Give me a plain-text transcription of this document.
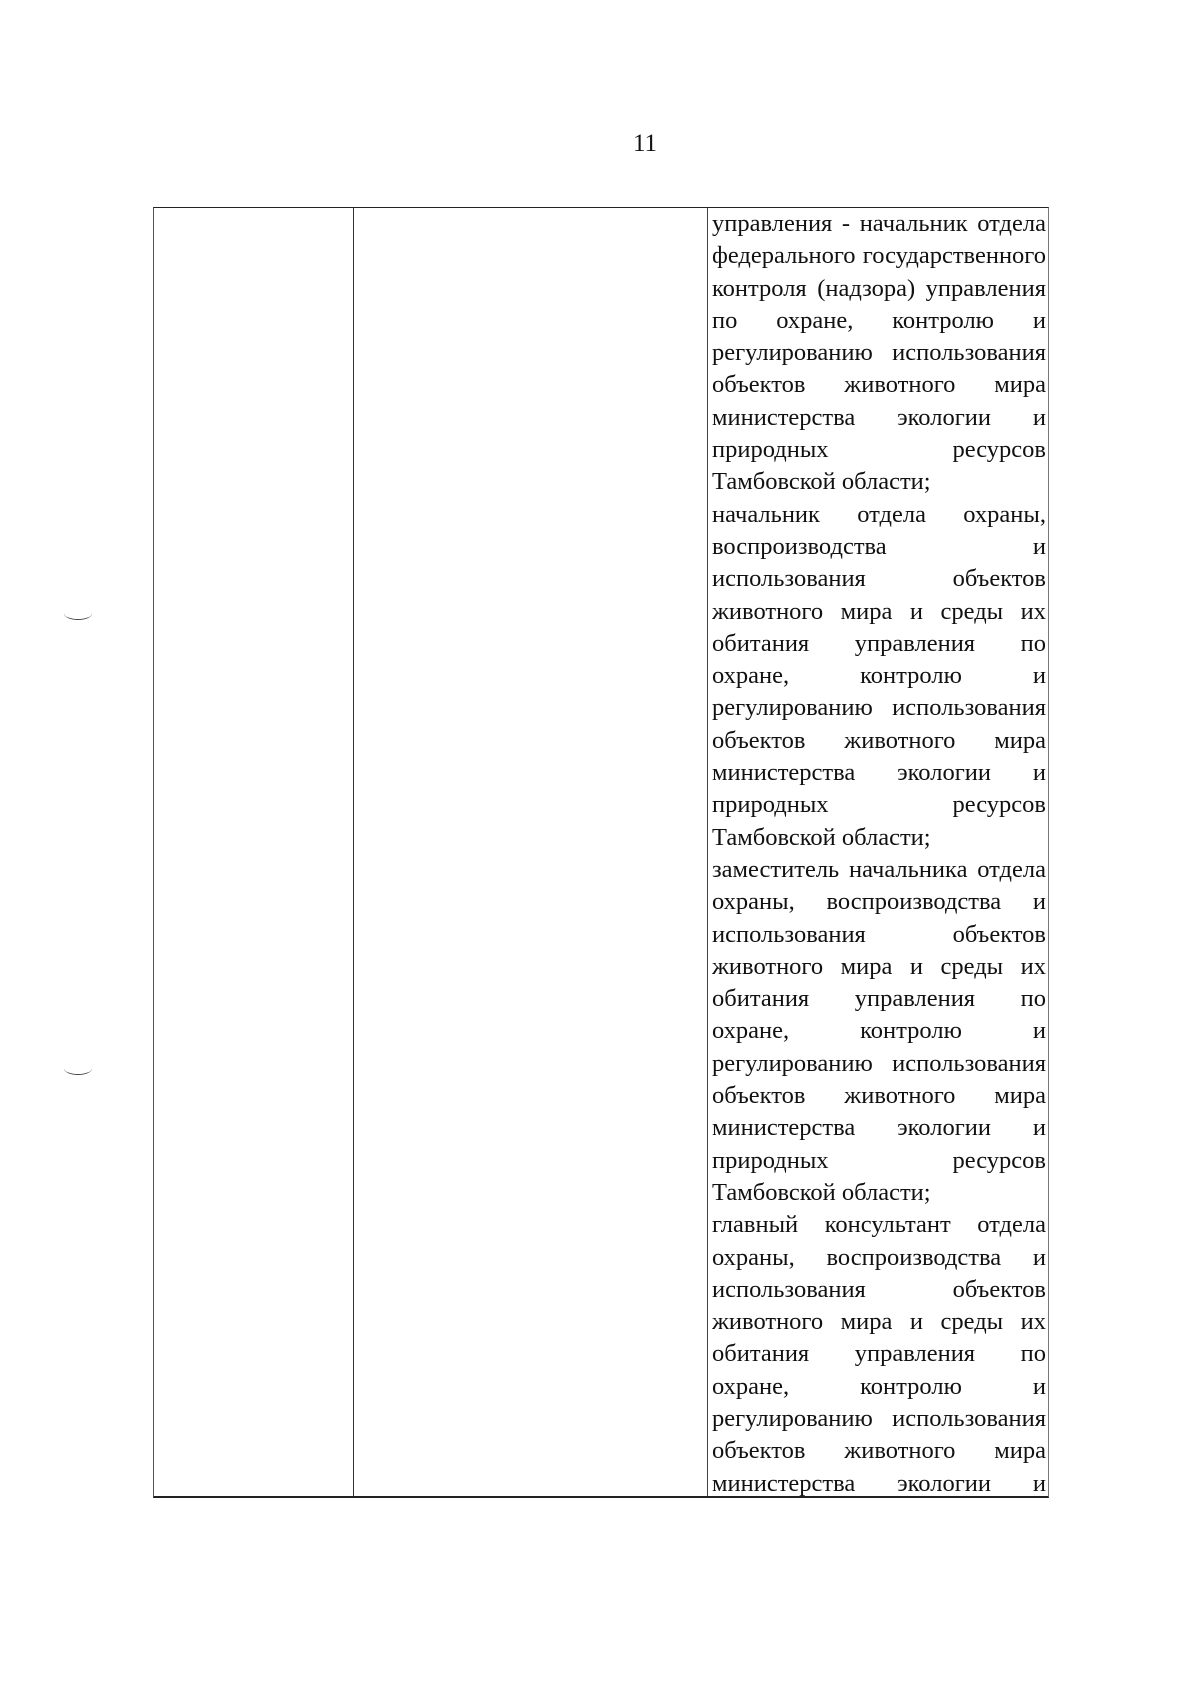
11
управления - начальник отдела
федерального государственного
контроля (надзора) управления
по охране, контролю и
регулированию использования
объектов животного мира
министерства экологии и
природных ресурсов
Тамбовской области;
начальник отдела охраны,
воспроизводства и
использования объектов
животного мира и среды их
обитания управления по
охране, контролю и
регулированию использования
объектов животного мира
министерства экологии и
природных ресурсов
Тамбовской области;
заместитель начальника отдела
охраны, воспроизводства и
использования объектов
животного мира и среды их
обитания управления по
охране, контролю и
регулированию использования
объектов животного мира
министерства экологии и
природных ресурсов
Тамбовской области;
главный консультант отдела
охраны, воспроизводства и
использования объектов
животного мира и среды их
обитания управления по
охране, контролю и
регулированию использования
объектов животного мира
министерства экологии и
